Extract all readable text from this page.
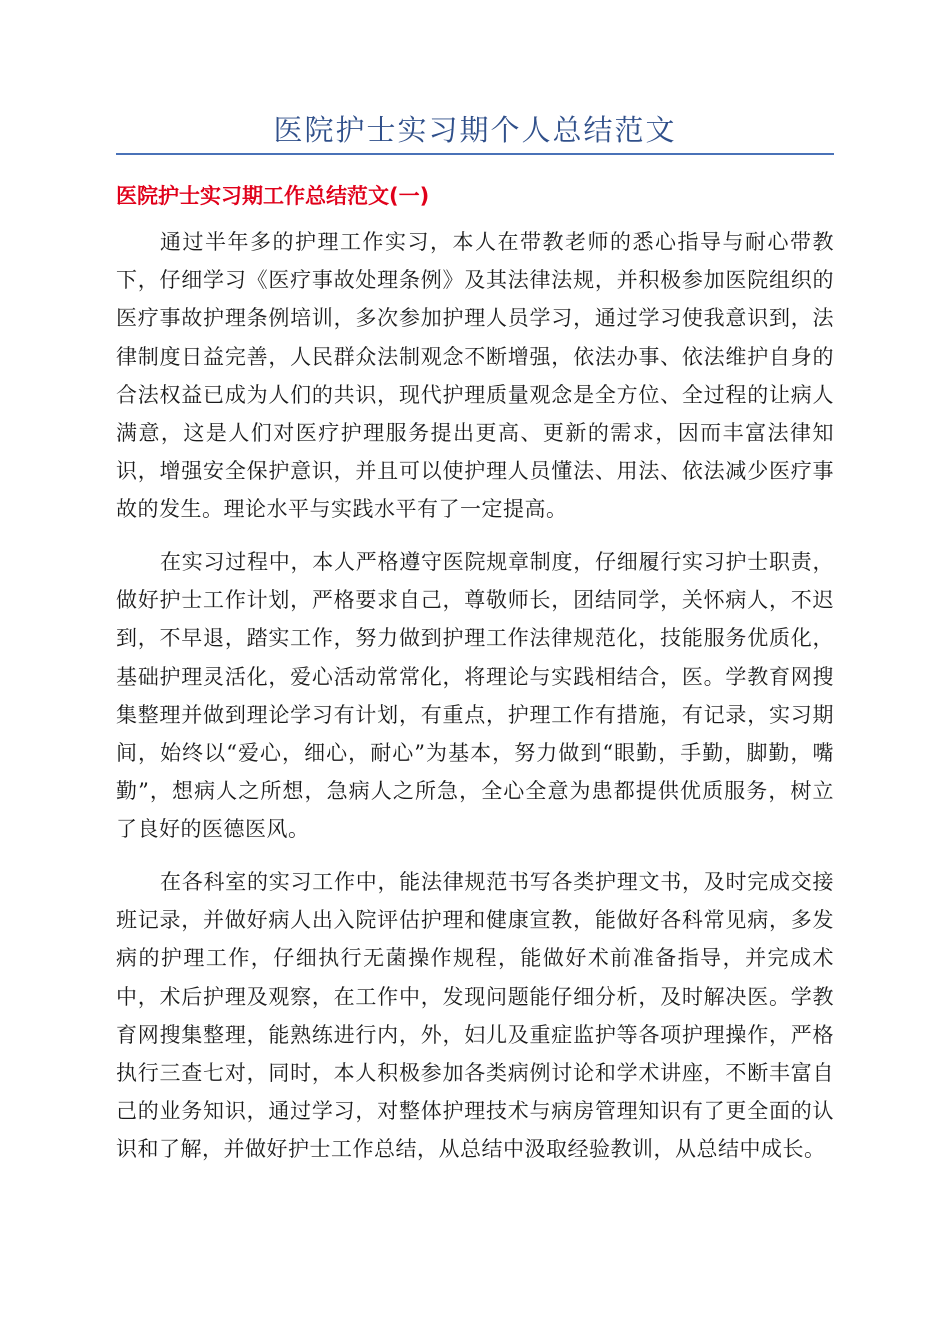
医院护士实习期个人总结范文
医院护士实习期工作总结范文(一)

通过半年多的护理工作实习，本人在带教老师的悉心指导与耐心带教下，仔细学习《医疗事故处理条例》及其法律法规，并积极参加医院组织的医疗事故护理条例培训，多次参加护理人员学习，通过学习使我意识到，法律制度日益完善，人民群众法制观念不断增强，依法办事、依法维护自身的合法权益已成为人们的共识，现代护理质量观念是全方位、全过程的让病人满意，这是人们对医疗护理服务提出更高、更新的需求，因而丰富法律知识，增强安全保护意识，并且可以使护理人员懂法、用法、依法减少医疗事故的发生。理论水平与实践水平有了一定提高。

在实习过程中，本人严格遵守医院规章制度，仔细履行实习护士职责，做好护士工作计划，严格要求自己，尊敬师长，团结同学，关怀病人，不迟到，不早退，踏实工作，努力做到护理工作法律规范化，技能服务优质化，基础护理灵活化，爱心活动常常化，将理论与实践相结合，医。学教育网搜集整理并做到理论学习有计划，有重点，护理工作有措施，有记录，实习期间，始终以“爱心，细心，耐心”为基本，努力做到“眼勤，手勤，脚勤，嘴勤”，想病人之所想，急病人之所急，全心全意为患都提供优质服务，树立了良好的医德医风。

在各科室的实习工作中，能法律规范书写各类护理文书，及时完成交接班记录，并做好病人出入院评估护理和健康宣教，能做好各科常见病，多发病的护理工作，仔细执行无菌操作规程，能做好术前准备指导，并完成术中，术后护理及观察，在工作中，发现问题能仔细分析，及时解决医。学教育网搜集整理，能熟练进行内，外，妇儿及重症监护等各项护理操作，严格执行三查七对，同时，本人积极参加各类病例讨论和学术讲座，不断丰富自己的业务知识，通过学习，对整体护理技术与病房管理知识有了更全面的认识和了解，并做好护士工作总结，从总结中汲取经验教训，从总结中成长。
